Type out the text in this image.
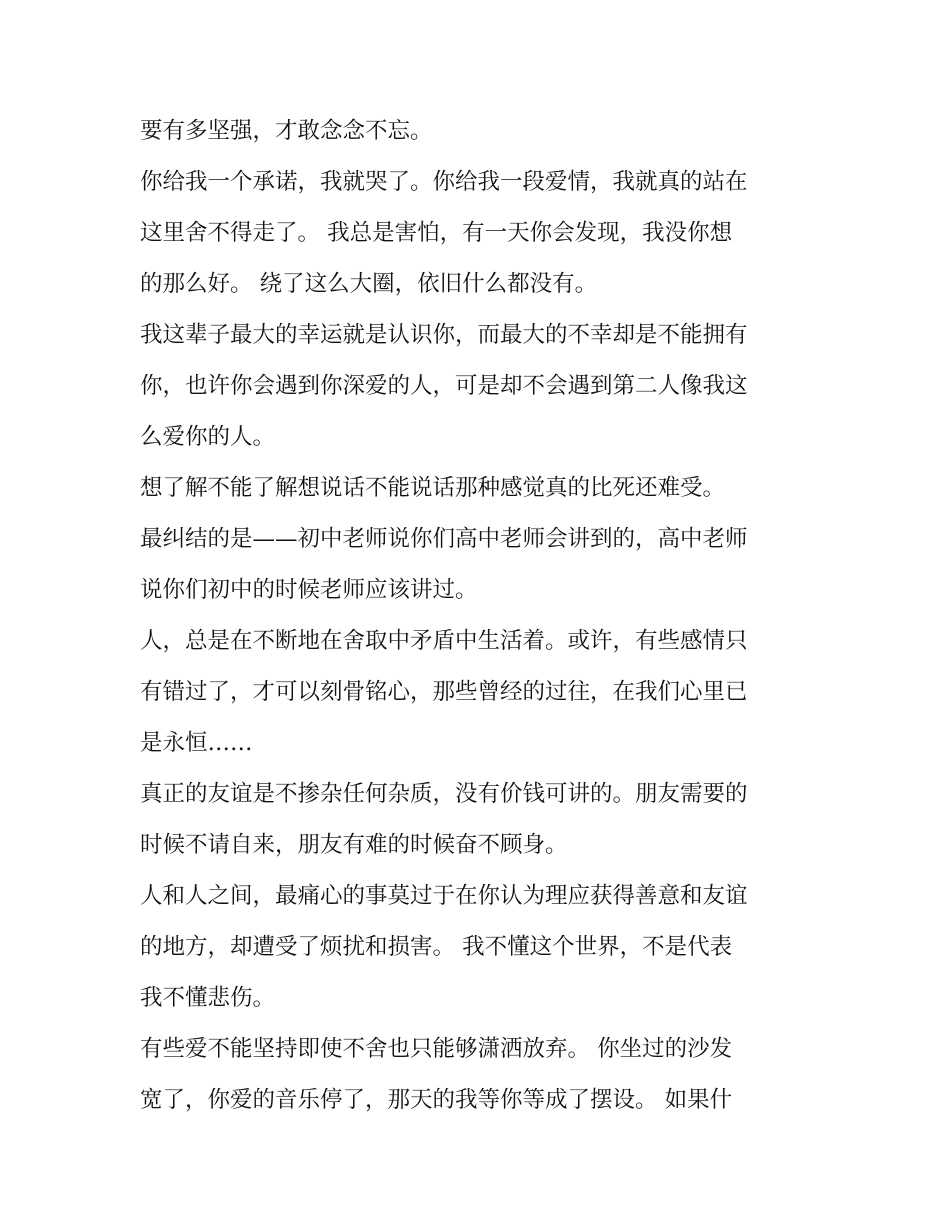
要有多坚强，才敢念念不忘。
你给我一个承诺，我就哭了。你给我一段爱情，我就真的站在
这里舍不得走了。 我总是害怕，有一天你会发现，我没你想
的那么好。 绕了这么大圈，依旧什么都没有。
我这辈子最大的幸运就是认识你，而最大的不幸却是不能拥有
你，也许你会遇到你深爱的人，可是却不会遇到第二人像我这
么爱你的人。
想了解不能了解想说话不能说话那种感觉真的比死还难受。
最纠结的是——初中老师说你们高中老师会讲到的，高中老师
说你们初中的时候老师应该讲过。
人，总是在不断地在舍取中矛盾中生活着。或许，有些感情只
有错过了，才可以刻骨铭心，那些曾经的过往，在我们心里已
是永恒……
真正的友谊是不掺杂任何杂质，没有价钱可讲的。朋友需要的
时候不请自来，朋友有难的时候奋不顾身。
人和人之间，最痛心的事莫过于在你认为理应获得善意和友谊
的地方，却遭受了烦扰和损害。 我不懂这个世界，不是代表
我不懂悲伤。
有些爱不能坚持即使不舍也只能够潇洒放弃。 你坐过的沙发
宽了，你爱的音乐停了，那天的我等你等成了摆设。 如果什
